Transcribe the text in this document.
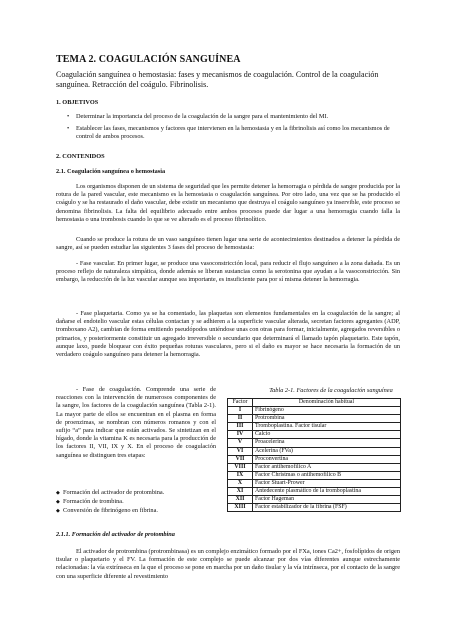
TEMA 2. COAGULACIÓN SANGUÍNEA
Coagulación sanguínea o hemostasia: fases y mecanismos de coagulación. Control de la coagulación sanguínea. Retracción del coágulo. Fibrinolisis.
1. OBJETIVOS
• Determinar la importancia del proceso de la coagulación de la sangre para el mantenimiento del MI.
• Establecer las fases, mecanismos y factores que intervienen en la hemostasia y en la fibrinolisis así como los mecanismos de control de ambos procesos.
2. CONTENIDOS
2.1. Coagulación sanguínea o hemostasia
Los organismos disponen de un sistema de seguridad que les permite detener la hemorragia o pérdida de sangre producida por la rotura de la pared vascular, este mecanismo es la hemostasia o coagulación sanguínea. Por otro lado, una vez que se ha producido el coágulo y se ha restaurado el daño vascular, debe existir un mecanismo que destruya el coágulo sanguíneo ya inservible, este proceso se denomina fibrinolisis. La falta del equilibrio adecuado entre ambos procesos puede dar lugar a una hemorragia cuando falla la hemostasia o una trombosis cuando lo que se ve alterado es el proceso fibrinolítico.
Cuando se produce la rotura de un vaso sanguíneo tienen lugar una serie de acontecimientos destinados a detener la pérdida de sangre, así se pueden estudiar las siguientes 3 fases del proceso de hemostasia:
- Fase vascular. En primer lugar, se produce una vasoconstricción local, para reducir el flujo sanguíneo a la zona dañada. Es un proceso reflejo de naturaleza simpática, donde además se liberan sustancias como la serotonina que ayudan a la vasoconstricción. Sin embargo, la reducción de la luz vascular aunque sea importante, es insuficiente para por sí misma detener la hemorragia.
- Fase plaquetaria. Como ya se ha comentado, las plaquetas son elementos fundamentales en la coagulación de la sangre; al dañarse el endotelio vascular estas células contactan y se adhieren a la superficie vascular alterada, secretan factores agregantes (ADP, tromboxano A2), cambian de forma emitiendo pseudópodos uniéndose unas con otras para formar, inicialmente, agregados reversibles o primarios, y posteriormente constituir un agregado irreversible o secundario que determinará el llamado tapón plaquetario. Este tapón, aunque laxo, puede bloquear con éxito pequeñas roturas vasculares, pero si el daño es mayor se hace necesaria la formación de un verdadero coágulo sanguíneo para detener la hemorragia.
- Fase de coagulación. Comprende una serie de reacciones con la intervención de numerosos componentes de la sangre, los factores de la coagulación sanguínea (Tabla 2-1). La mayor parte de ellos se encuentran en el plasma en forma de proenzimas, se nombran con números romanos y con el sufijo “a” para indicar que están activados. Se sintetizan en el hígado, donde la vitamina K es necesaria para la producción de los factores II, VII, IX y X. En el proceso de coagulación sanguínea se distinguen tres etapas:
◆ Formación del activador de protombina.
◆ Formación de trombina.
◆ Conversión de fibrinógeno en fibrina.
Tabla 2-1. Factores de la coagulación sanguínea
Factor	Denominación habitual
I	Fibrinógeno
II	Protrombina
III	Tromboplastina. Factor tisular
IV	Calcio
V	Proacelerina
VI	Acelerina (FVa)
VII	Proconvertina
VIII	Factor antihemofílico A
IX	Factor Christmas o antihemofílico B
X	Factor Stuart-Prower
XI	Antedecente plasmático de la tromboplastina
XII	Factor Hageman
XIII	Factor estabilizador de la fibrina (FSF)
2.1.1. Formación del activador de protombina
El activador de protrombina (protrombinasa) es un complejo enzimático formado por el FXa, iones Ca2+, fosfolípidos de origen tisular o plaquetario y el FV. La formación de este complejo se puede alcanzar por dos vías diferentes aunque estrechamente relacionadas: la vía extrínseca en la que el proceso se pone en marcha por un daño tisular y la vía intrínseca, por el contacto de la sangre con una superficie diferente al revestimiento
